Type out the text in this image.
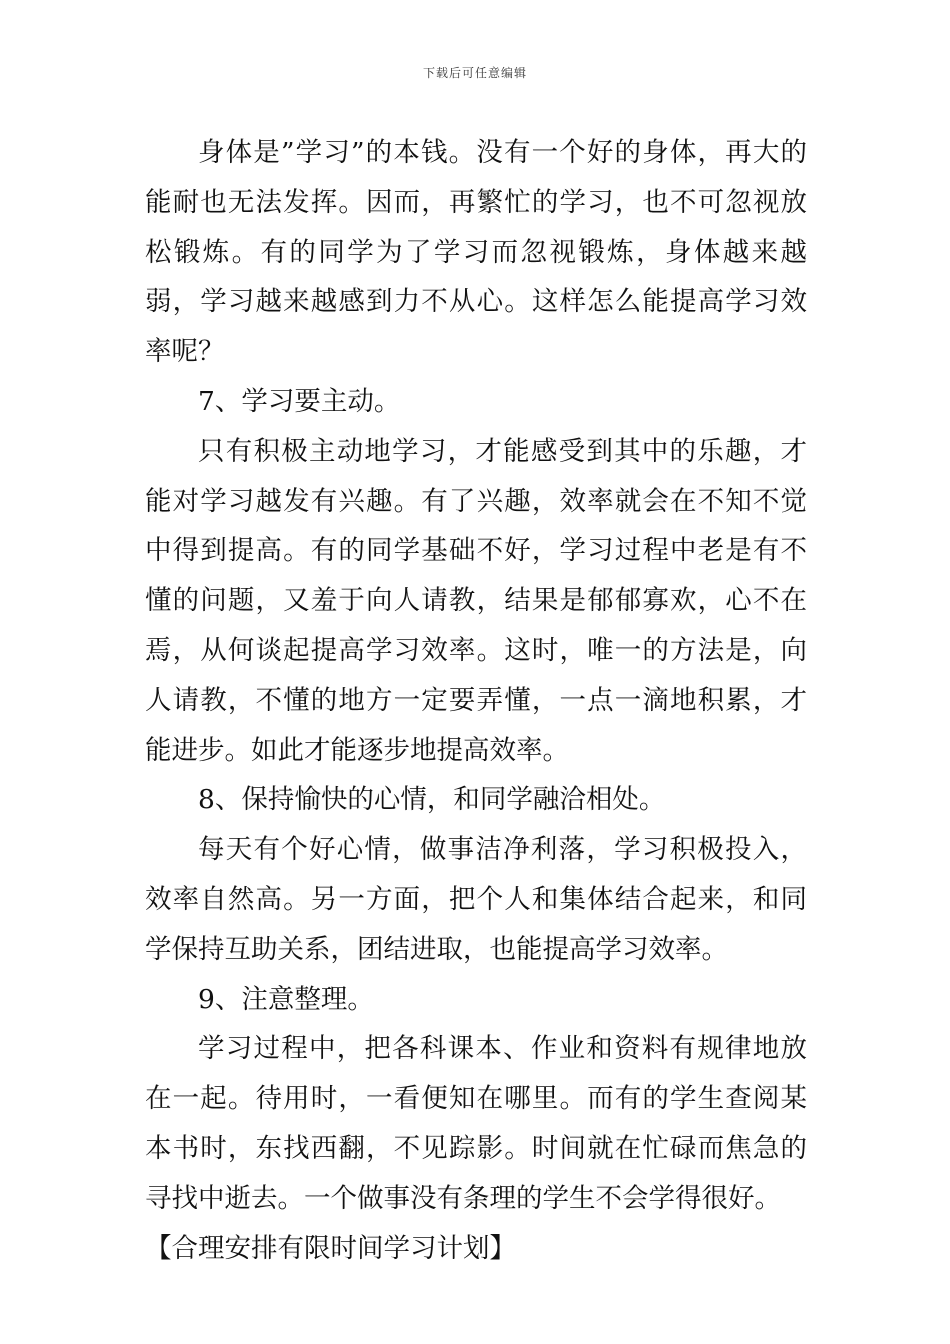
下载后可任意编辑

身体是”学习”的本钱。没有一个好的身体，再大的能耐也无法发挥。因而，再繁忙的学习，也不可忽视放松锻炼。有的同学为了学习而忽视锻炼，身体越来越弱，学习越来越感到力不从心。这样怎么能提高学习效率呢？

7、学习要主动。

只有积极主动地学习，才能感受到其中的乐趣，才能对学习越发有兴趣。有了兴趣，效率就会在不知不觉中得到提高。有的同学基础不好，学习过程中老是有不懂的问题，又羞于向人请教，结果是郁郁寡欢，心不在焉，从何谈起提高学习效率。这时，唯一的方法是，向人请教，不懂的地方一定要弄懂，一点一滴地积累，才能进步。如此才能逐步地提高效率。

8、保持愉快的心情，和同学融洽相处。

每天有个好心情，做事洁净利落，学习积极投入，效率自然高。另一方面，把个人和集体结合起来，和同学保持互助关系，团结进取，也能提高学习效率。

9、注意整理。

学习过程中，把各科课本、作业和资料有规律地放在一起。待用时，一看便知在哪里。而有的学生查阅某本书时，东找西翻，不见踪影。时间就在忙碌而焦急的寻找中逝去。一个做事没有条理的学生不会学得很好。

【合理安排有限时间学习计划】
